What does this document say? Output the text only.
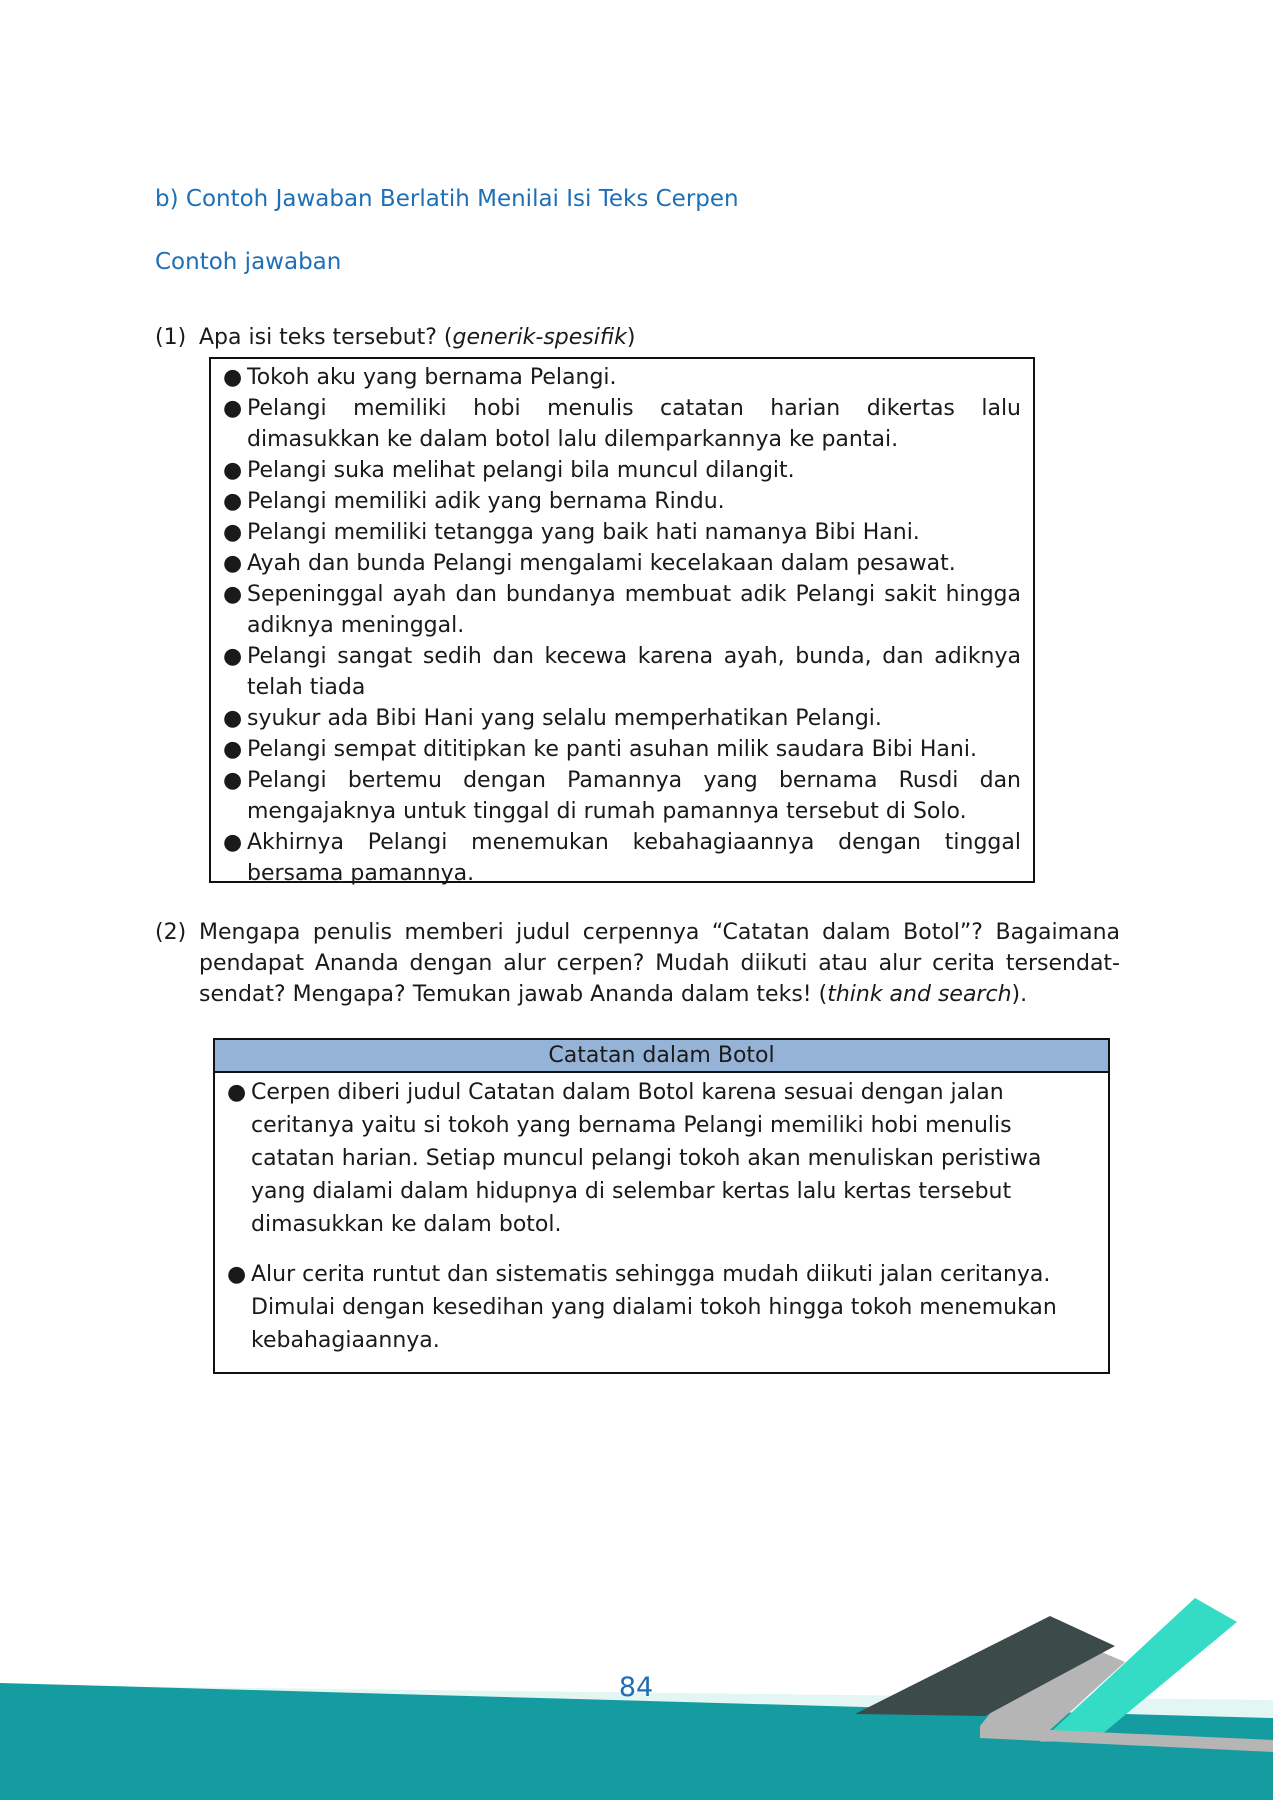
b) Contoh Jawaban Berlatih Menilai Isi Teks Cerpen
Contoh jawaban
(1) Apa isi teks tersebut? (generik-spesifik)
● Tokoh aku yang bernama Pelangi.
● Pelangi memiliki hobi menulis catatan harian dikertas lalu dimasukkan ke dalam botol lalu dilemparkannya ke pantai.
● Pelangi suka melihat pelangi bila muncul dilangit.
● Pelangi memiliki adik yang bernama Rindu.
● Pelangi memiliki tetangga yang baik hati namanya Bibi Hani.
● Ayah dan bunda Pelangi mengalami kecelakaan dalam pesawat.
● Sepeninggal ayah dan bundanya membuat adik Pelangi sakit hingga adiknya meninggal.
● Pelangi sangat sedih dan kecewa karena ayah, bunda, dan adiknya telah tiada
● syukur ada Bibi Hani yang selalu memperhatikan Pelangi.
● Pelangi sempat dititipkan ke panti asuhan milik saudara Bibi Hani.
● Pelangi bertemu dengan Pamannya yang bernama Rusdi dan mengajaknya untuk tinggal di rumah pamannya tersebut di Solo.
● Akhirnya Pelangi menemukan kebahagiaannya dengan tinggal bersama pamannya.
(2) Mengapa penulis memberi judul cerpennya “Catatan dalam Botol”? Bagaimana pendapat Ananda dengan alur cerpen? Mudah diikuti atau alur cerita tersendat-sendat? Mengapa? Temukan jawab Ananda dalam teks! (think and search).
Catatan dalam Botol
● Cerpen diberi judul Catatan dalam Botol karena sesuai dengan jalan ceritanya yaitu si tokoh yang bernama Pelangi memiliki hobi menulis catatan harian. Setiap muncul pelangi tokoh akan menuliskan peristiwa yang dialami dalam hidupnya di selembar kertas lalu kertas tersebut dimasukkan ke dalam botol.
● Alur cerita runtut dan sistematis sehingga mudah diikuti jalan ceritanya. Dimulai dengan kesedihan yang dialami tokoh hingga tokoh menemukan kebahagiaannya.
84
